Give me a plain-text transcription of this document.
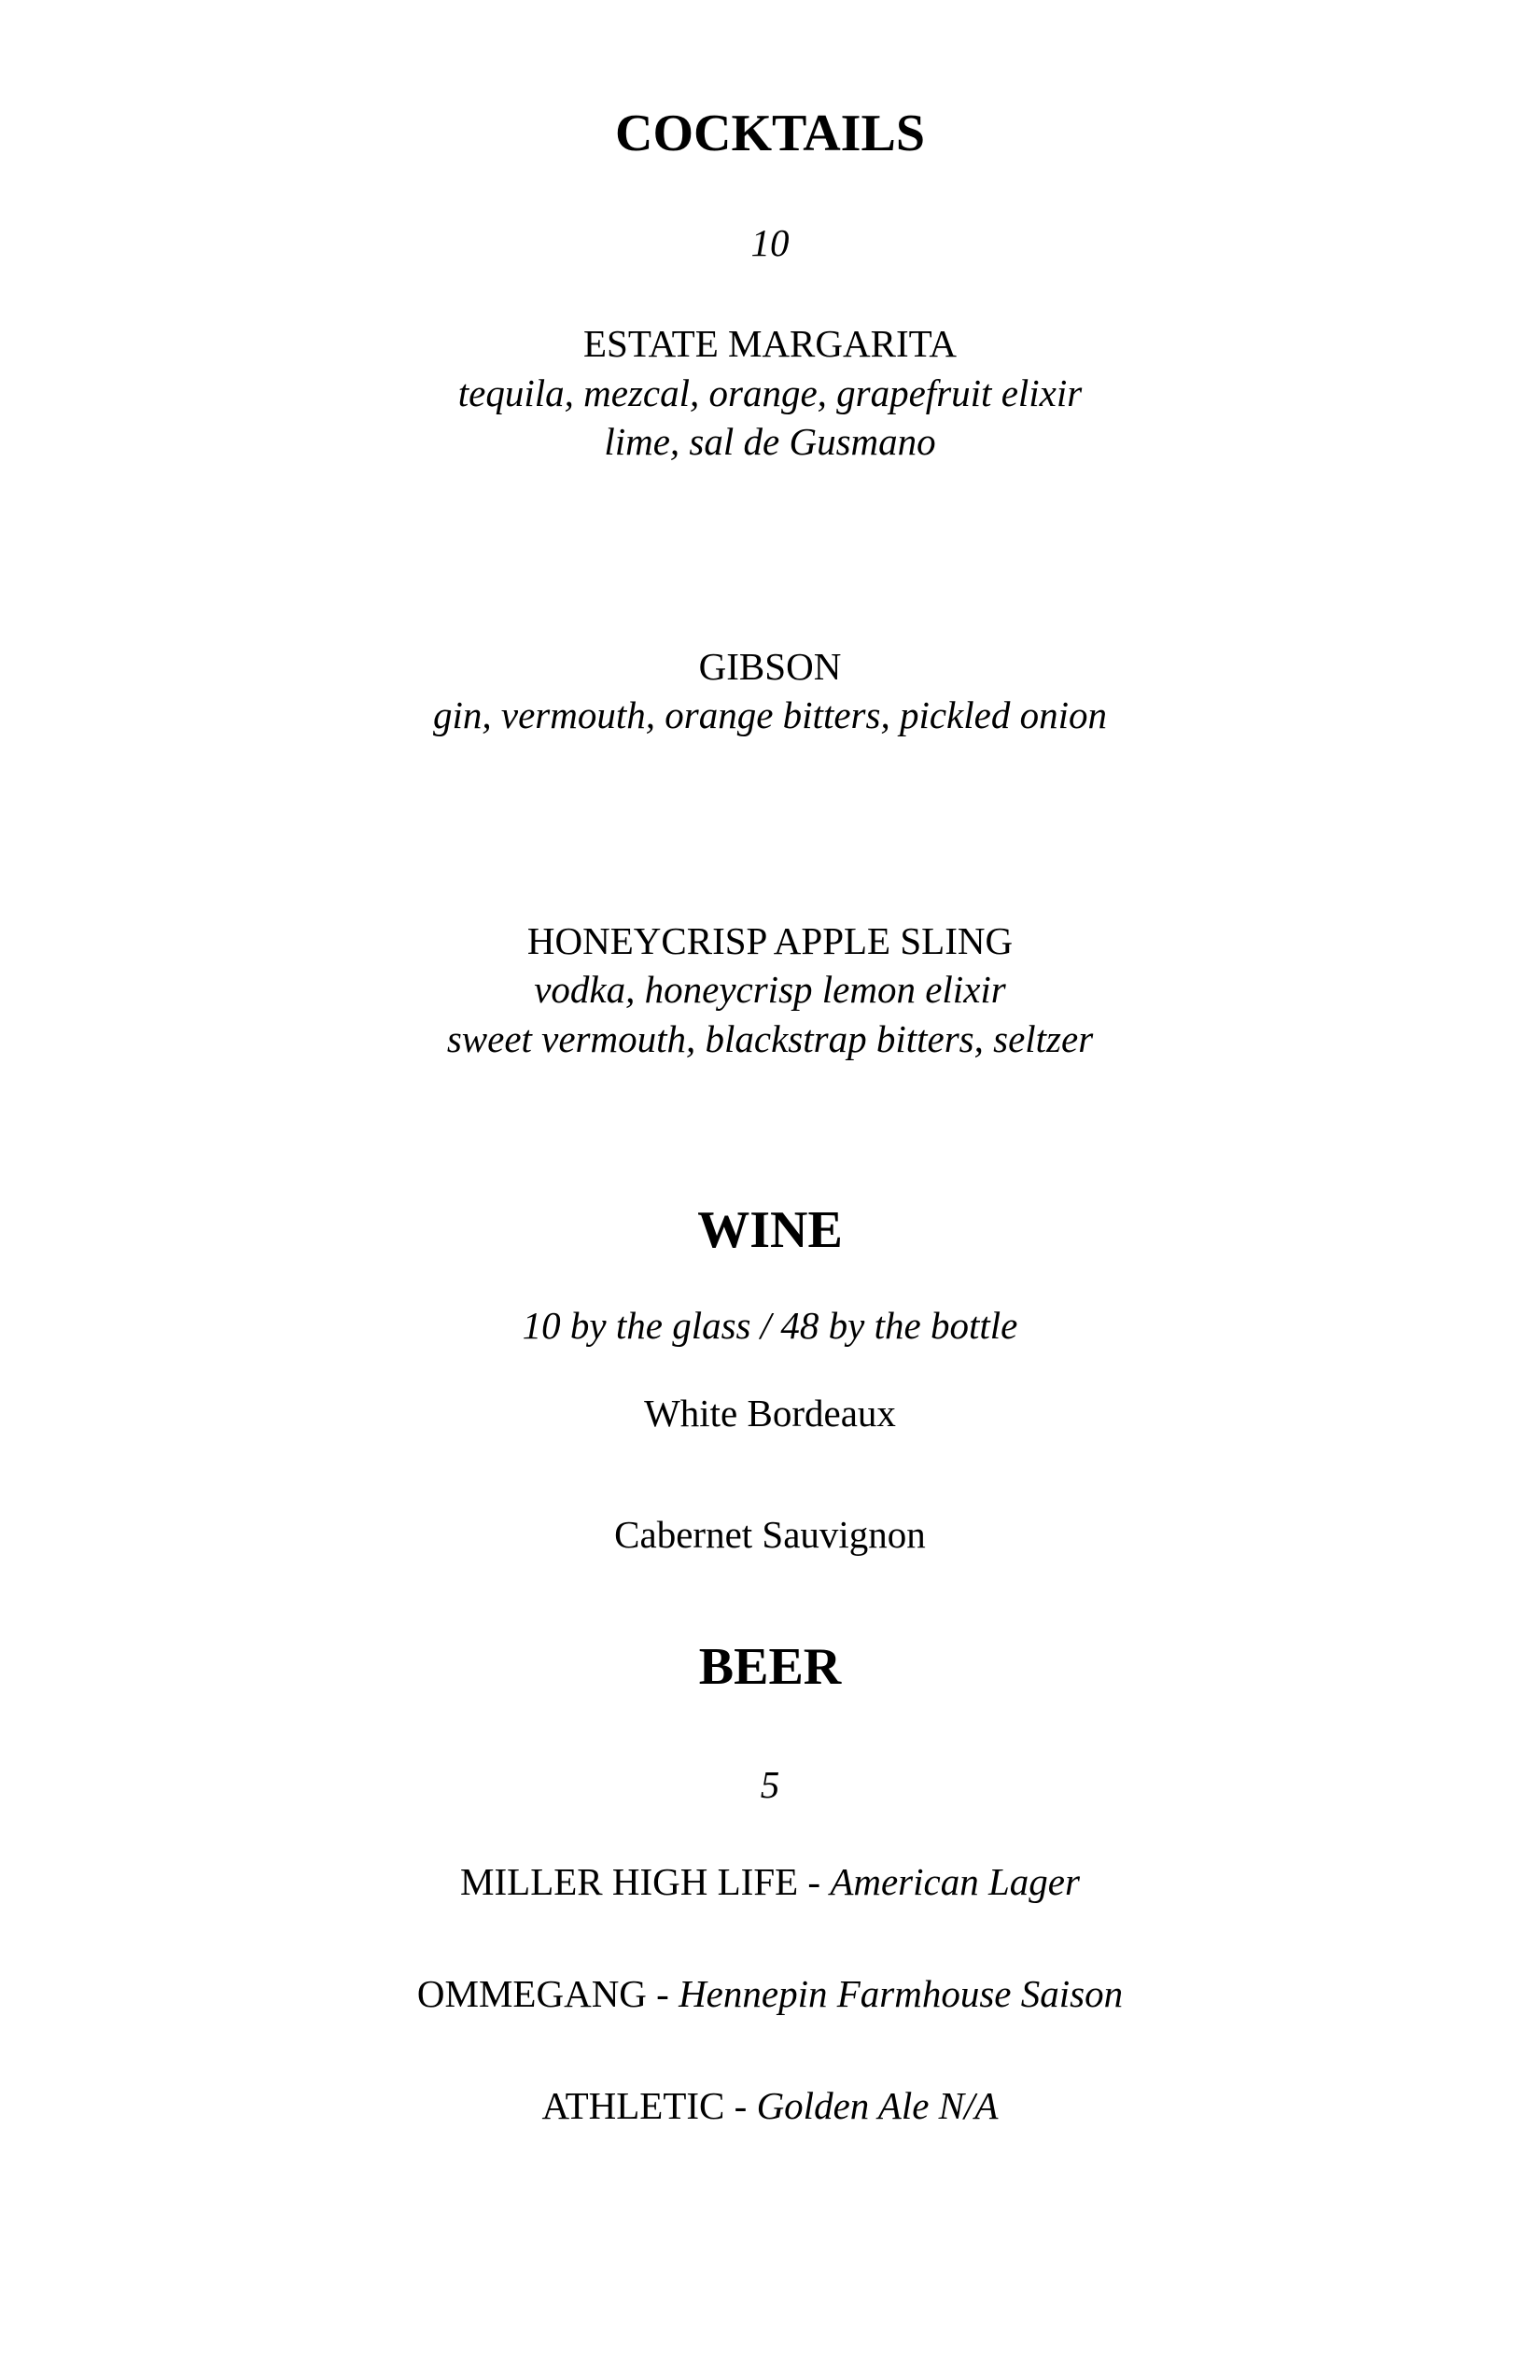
COCKTAILS
10
ESTATE MARGARITA
tequila, mezcal, orange, grapefruit elixir
lime, sal de Gusmano
GIBSON
gin, vermouth, orange bitters, pickled onion
HONEYCRISP APPLE SLING
vodka, honeycrisp lemon elixir
sweet vermouth, blackstrap bitters, seltzer
WINE
10 by the glass / 48 by the bottle
White Bordeaux
Cabernet Sauvignon
BEER
5
MILLER HIGH LIFE - American Lager
OMMEGANG - Hennepin Farmhouse Saison
ATHLETIC - Golden Ale N/A
